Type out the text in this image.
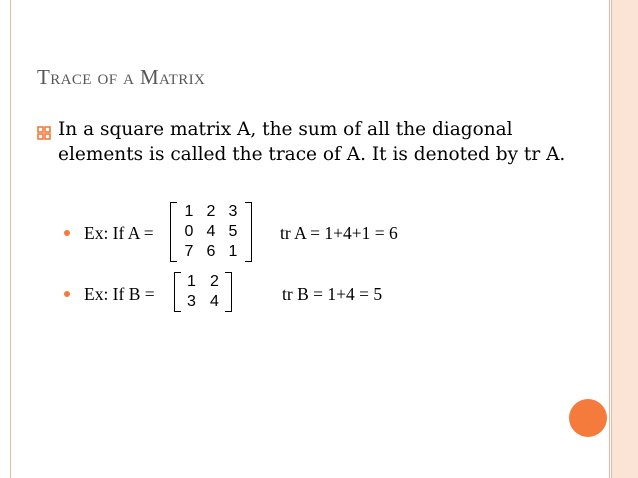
Trace of a Matrix

In a square matrix A, the sum of all the diagonal elements is called the trace of A. It is denoted by tr A.

Ex: If A =
1 2 3
0 4 5
7 6 1
tr A = 1+4+1 = 6
Ex: If B =
1 2
3 4	tr B = 1+4 = 5
